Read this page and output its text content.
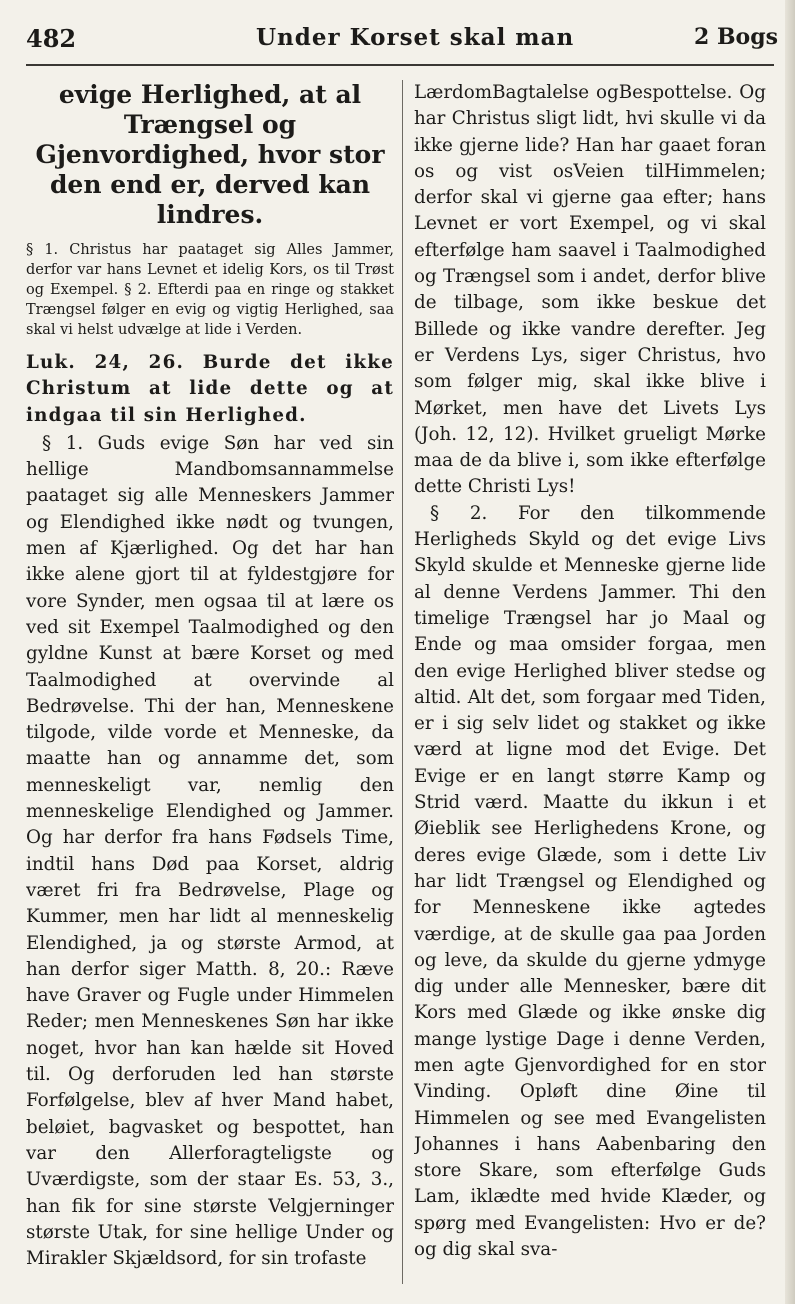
482	Under Korset skal man	2 Bogs

evige Herlighed, at al Trængsel og Gjenvordighed, hvor stor den end er, derved kan lindres.

§ 1. Christus har paataget sig Alles Jammer, derfor var hans Levnet et idelig Kors, os til Trøst og Exempel. § 2. Efterdi paa en ringe og stakket Trængsel følger en evig og vigtig Herlighed, saa skal vi helst udvælge at lide i Verden.

Luk. 24, 26. Burde det ikke Christum at lide dette og at indgaa til sin Herlighed.

§ 1. Guds evige Søn har ved sin hellige Mandbomsannammelse paataget sig alle Menneskers Jammer og Elendighed ikke nødt og tvungen, men af Kjærlighed. Og det har han ikke alene gjort til at fyldestgjøre for vore Synder, men ogsaa til at lære os ved sit Exempel Taalmodighed og den gyldne Kunst at bære Korset og med Taalmodighed at overvinde al Bedrøvelse. Thi der han, Menneskene tilgode, vilde vorde et Menneske, da maatte han og annamme det, som menneskeligt var, nemlig den menneskelige Elendighed og Jammer. Og har derfor fra hans Fødsels Time, indtil hans Død paa Korset, aldrig været fri fra Bedrøvelse, Plage og Kummer, men har lidt al menneskelig Elendighed, ja og største Armod, at han derfor siger Matth. 8, 20.: Ræve have Graver og Fugle under Himmelen Reder; men Menneskenes Søn har ikke noget, hvor han kan hælde sit Hoved til. Og derforuden led han største Forfølgelse, blev af hver Mand habet, beløiet, bagvasket og bespottet, han var den Allerforagteligste og Uværdigste, som der staar Es. 53, 3., han fik for sine største Velgjerninger største Utak, for sine hellige Under og Mirakler Skjældsord, for sin trofaste

LærdomBagtalelse ogBespottelse. Og har Christus sligt lidt, hvi skulle vi da ikke gjerne lide? Han har gaaet foran os og vist osVeien tilHimmelen; derfor skal vi gjerne gaa efter; hans Levnet er vort Exempel, og vi skal efterfølge ham saavel i Taalmodighed og Trængsel som i andet, derfor blive de tilbage, som ikke beskue det Billede og ikke vandre derefter. Jeg er Verdens Lys, siger Christus, hvo som følger mig, skal ikke blive i Mørket, men have det Livets Lys (Joh. 12, 12). Hvilket grueligt Mørke maa de da blive i, som ikke efterfølge dette Christi Lys!

§ 2. For den tilkommende Herligheds Skyld og det evige Livs Skyld skulde et Menneske gjerne lide al denne Verdens Jammer. Thi den timelige Trængsel har jo Maal og Ende og maa omsider forgaa, men den evige Herlighed bliver stedse og altid. Alt det, som forgaar med Tiden, er i sig selv lidet og stakket og ikke værd at ligne mod det Evige. Det Evige er en langt større Kamp og Strid værd. Maatte du ikkun i et Øieblik see Herlighedens Krone, og deres evige Glæde, som i dette Liv har lidt Trængsel og Elendighed og for Menneskene ikke agtedes værdige, at de skulle gaa paa Jorden og leve, da skulde du gjerne ydmyge dig under alle Mennesker, bære dit Kors med Glæde og ikke ønske dig mange lystige Dage i denne Verden, men agte Gjenvordighed for en stor Vinding. Opløft dine Øine til Himmelen og see med Evangelisten Johannes i hans Aabenbaring den store Skare, som efterfølge Guds Lam, iklædte med hvide Klæder, og spørg med Evangelisten: Hvo er de? og dig skal sva-
